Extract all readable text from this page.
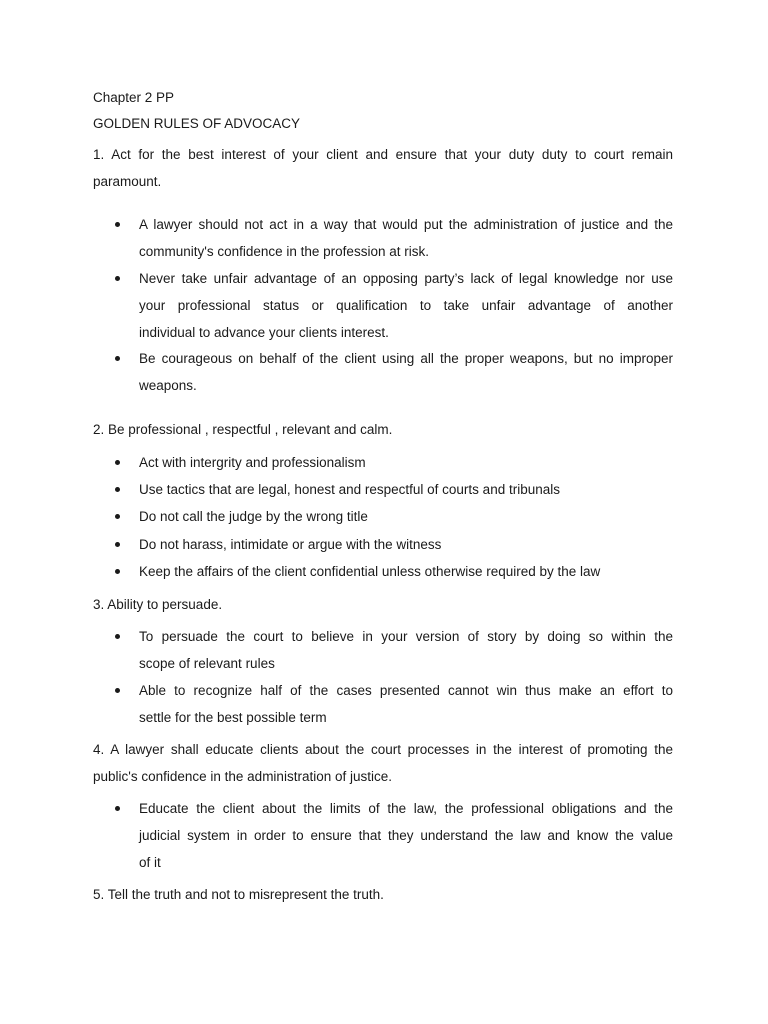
Chapter 2 PP
GOLDEN RULES OF ADVOCACY
1. Act for the best interest of your client and ensure that your duty duty to court remain
paramount.
A lawyer should not act in a way that would put the administration of justice and the
community's confidence in the profession at risk.
Never take unfair advantage of an opposing party’s lack of legal knowledge nor use
your professional status or qualification to take unfair advantage of another
individual to advance your clients interest.
Be courageous on behalf of the client using all the proper weapons, but no improper
weapons.
2. Be professional , respectful , relevant and calm.
Act with intergrity and professionalism
Use tactics that are legal, honest and respectful of courts and tribunals
Do not call the judge by the wrong title
Do not harass, intimidate or argue with the witness
Keep the affairs of the client confidential unless otherwise required by the law
3. Ability to persuade.
To persuade the court to believe in your version of story by doing so within the
scope of relevant rules
Able to recognize half of the cases presented cannot win thus make an effort to
settle for the best possible term
4. A lawyer shall educate clients about the court processes in the interest of promoting the
public's confidence in the administration of justice.
Educate the client about the limits of the law, the professional obligations and the
judicial system in order to ensure that they understand the law and know the value
of it
5. Tell the truth and not to misrepresent the truth.
